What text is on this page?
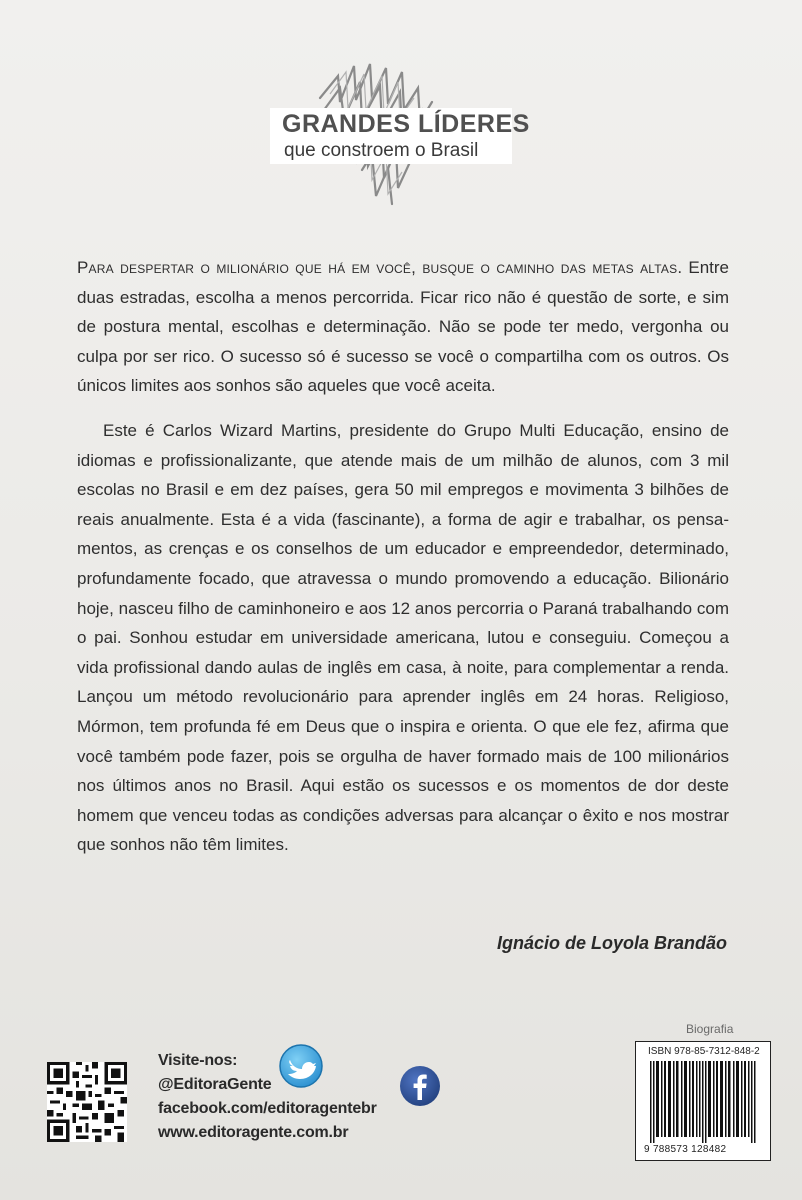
GRANDES LÍDERES
que constroem o Brasil
Para despertar o milionário que há em você, busque o caminho das metas altas. Entre duas estradas, escolha a menos percorrida. Ficar rico não é questão de sorte, e sim de postura mental, escolhas e determinação. Não se pode ter medo, vergonha ou culpa por ser rico. O sucesso só é sucesso se você o compartilha com os outros. Os únicos limites aos sonhos são aqueles que você aceita.
Este é Carlos Wizard Martins, presidente do Grupo Multi Educação, ensino de idiomas e profissionalizante, que atende mais de um milhão de alunos, com 3 mil escolas no Brasil e em dez países, gera 50 mil empregos e movimenta 3 bilhões de reais anualmente. Esta é a vida (fascinante), a forma de agir e trabalhar, os pensa-mentos, as crenças e os conselhos de um educador e empreendedor, determinado, profundamente focado, que atravessa o mundo promovendo a educação. Bilionário hoje, nasceu filho de caminhoneiro e aos 12 anos percorria o Paraná trabalhando com o pai. Sonhou estudar em universidade americana, lutou e conseguiu. Começou a vida profissional dando aulas de inglês em casa, à noite, para complementar a renda. Lançou um método revolucionário para aprender inglês em 24 horas. Religioso, Mórmon, tem profunda fé em Deus que o inspira e orienta. O que ele fez, afirma que você também pode fazer, pois se orgulha de haver formado mais de 100 milionários nos últimos anos no Brasil. Aqui estão os sucessos e os momentos de dor deste homem que venceu todas as condições adversas para alcançar o êxito e nos mostrar que sonhos não têm limites.
Ignácio de Loyola Brandão
Biografia
ISBN 978-85-7312-848-2
9 788573 128482
Visite-nos:
@EditoraGente
facebook.com/editoragentebr
www.editoragente.com.br
